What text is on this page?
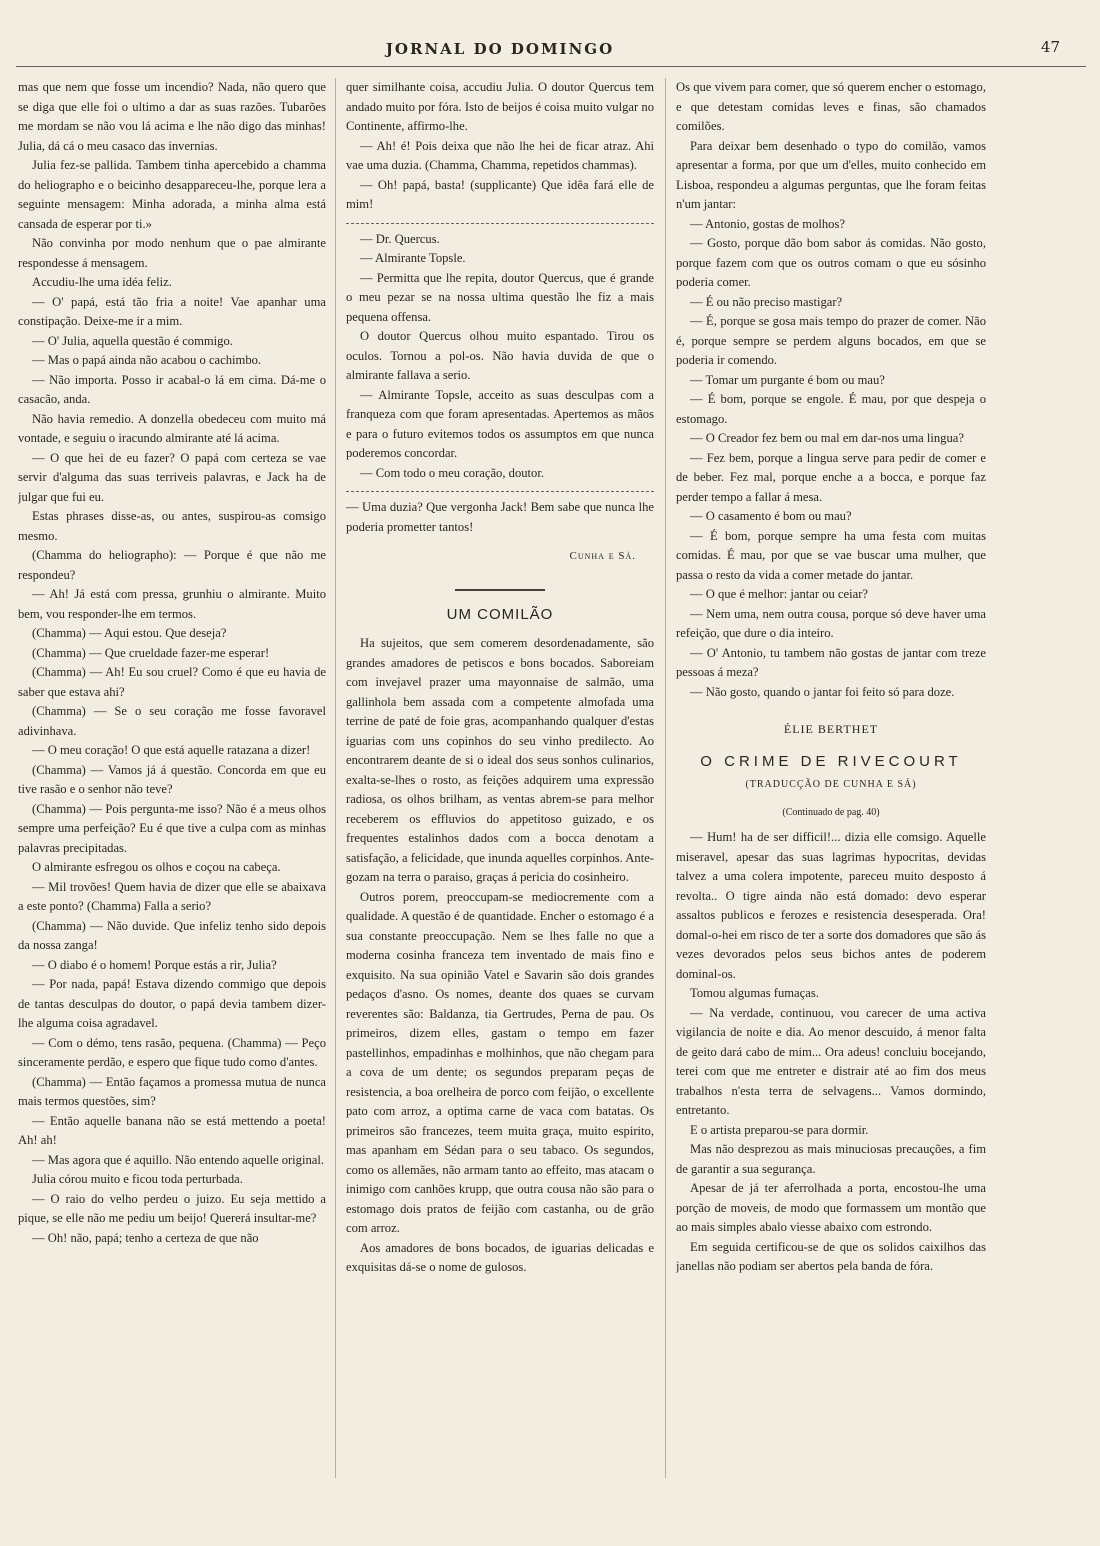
JORNAL DO DOMINGO	47

mas que nem que fosse um incendio? Nada, não quero que se diga que elle foi o ultimo a dar as suas razões. Tubarões me mordam se não vou lá acima e lhe não digo das minhas! Julia, dá cá o meu casaco das invernias.

Julia fez-se pallida. Tambem tinha apercebido a chamma do heliographo e o beicinho desappareceu-lhe, porque lera a seguinte mensagem: Minha adorada, a minha alma está cansada de esperar por ti.»

Não convinha por modo nenhum que o pae almirante respondesse á mensagem.

Accudiu-lhe uma idéa feliz.

— O' papá, está tão fria a noite! Vae apanhar uma constipação. Deixe-me ir a mim.

— O' Julia, aquella questão é commigo.

— Mas o papá ainda não acabou o cachimbo.

— Não importa. Posso ir acabal-o lá em cima. Dá-me o casacão, anda.

Não havia remedio. A donzella obedeceu com muito má vontade, e seguiu o iracundo almirante até lá acima.

— O que hei de eu fazer? O papá com certeza se vae servir d'alguma das suas terriveis palavras, e Jack ha de julgar que fui eu.

Estas phrases disse-as, ou antes, suspirou-as comsigo mesmo.

(Chamma do heliographo): — Porque é que não me respondeu?

— Ah! Já está com pressa, grunhiu o almirante. Muito bem, vou responder-lhe em termos.

(Chamma) — Aqui estou. Que deseja?

(Chamma) — Que crueldade fazer-me esperar!

(Chamma) — Ah! Eu sou cruel? Como é que eu havia de saber que estava ahi?

(Chamma) — Se o seu coração me fosse favoravel adivinhava.

— O meu coração! O que está aquelle ratazana a dizer!

(Chamma) — Vamos já á questão. Concorda em que eu tive rasão e o senhor não teve?

(Chamma) — Pois pergunta-me isso? Não é a meus olhos sempre uma perfeição? Eu é que tive a culpa com as minhas palavras precipitadas.

O almirante esfregou os olhos e coçou na cabeça.

— Mil trovões! Quem havia de dizer que elle se abaixava a este ponto? (Chamma) Falla a serio?

(Chamma) — Não duvide. Que infeliz tenho sido depois da nossa zanga!

— O diabo é o homem! Porque estás a rir, Julia?

— Por nada, papá! Estava dizendo commigo que depois de tantas desculpas do doutor, o papá devia tambem dizer-lhe alguma coisa agradavel.

— Com o démo, tens rasão, pequena. (Chamma) — Peço sinceramente perdão, e espero que fique tudo como d'antes.

(Chamma) — Então façamos a promessa mutua de nunca mais termos questões, sim?

— Então aquelle banana não se está mettendo a poeta! Ah! ah!

— Mas agora que é aquillo. Não entendo aquelle original.

Julia córou muito e ficou toda perturbada.

— O raio do velho perdeu o juizo. Eu seja mettido a pique, se elle não me pediu um beijo! Quererá insultar-me?

— Oh! não, papá; tenho a certeza de que não

quer similhante coisa, accudiu Julia. O doutor Quercus tem andado muito por fóra. Isto de beijos é coisa muito vulgar no Continente, affirmo-lhe.

— Ah! é! Pois deixa que não lhe hei de ficar atraz. Ahi vae uma duzia. (Chamma, Chamma, repetidos chammas).

— Oh! papá, basta! (supplicante) Que idêa fará elle de mim!

— Dr. Quercus.

— Almirante Topsle.

— Permitta que lhe repita, doutor Quercus, que é grande o meu pezar se na nossa ultima questão lhe fiz a mais pequena offensa.

O doutor Quercus olhou muito espantado. Tirou os oculos. Tornou a pol-os. Não havia duvida de que o almirante fallava a serio.

— Almirante Topsle, acceito as suas desculpas com a franqueza com que foram apresentadas. Apertemos as mãos e para o futuro evitemos todos os assumptos em que nunca poderemos concordar.

— Com todo o meu coração, doutor.

— Uma duzia? Que vergonha Jack! Bem sabe que nunca lhe poderia prometter tantos!

Cunha e Sá.
UM COMILÃO

Ha sujeitos, que sem comerem desordenadamente, são grandes amadores de petiscos e bons bocados. Saboreiam com invejavel prazer uma mayonnaise de salmão, uma gallinhola bem assada com a competente almofada uma terrine de paté de foie gras, acompanhando qualquer d'estas iguarias com uns copinhos do seu vinho predilecto. Ao encontrarem deante de si o ideal dos seus sonhos culinarios, exalta-se-lhes o rosto, as feições adquirem uma expressão radiosa, os olhos brilham, as ventas abrem-se para melhor receberem os effluvios do appetitoso guizado, e os frequentes estalinhos dados com a bocca denotam a satisfação, a felicidade, que inunda aquelles corpinhos. Ante-gozam na terra o paraiso, graças á pericia do cosinheiro.

Outros porem, preoccupam-se mediocremente com a qualidade. A questão é de quantidade. Encher o estomago é a sua constante preoccupação. Nem se lhes falle no que a moderna cosinha franceza tem inventado de mais fino e exquisito. Na sua opinião Vatel e Savarin são dois grandes pedaços d'asno. Os nomes, deante dos quaes se curvam reverentes são: Baldanza, tia Gertrudes, Perna de pau. Os primeiros, dizem elles, gastam o tempo em fazer pastellinhos, empadinhas e molhinhos, que não chegam para a cova de um dente; os segundos preparam peças de resistencia, a boa orelheira de porco com feijão, o excellente pato com arroz, a optima carne de vaca com batatas. Os primeiros são francezes, teem muita graça, muito espirito, mas apanham em Sédan para o seu tabaco. Os segundos, como os allemães, não armam tanto ao effeito, mas atacam o inimigo com canhões krupp, que outra cousa não são para o estomago dois pratos de feijão com castanha, ou de grão com arroz.

Aos amadores de bons bocados, de iguarias delicadas e exquisitas dá-se o nome de gulosos.

Os que vivem para comer, que só querem encher o estomago, e que detestam comidas leves e finas, são chamados comilões.

Para deixar bem desenhado o typo do comilão, vamos apresentar a forma, por que um d'elles, muito conhecido em Lisboa, respondeu a algumas perguntas, que lhe foram feitas n'um jantar:

— Antonio, gostas de molhos?

— Gosto, porque dão bom sabor ás comidas. Não gosto, porque fazem com que os outros comam o que eu sósinho poderia comer.

— É ou não preciso mastigar?

— É, porque se gosa mais tempo do prazer de comer. Não é, porque sempre se perdem alguns bocados, em que se poderia ir comendo.

— Tomar um purgante é bom ou mau?

— É bom, porque se engole. É mau, por que despeja o estomago.

— O Creador fez bem ou mal em dar-nos uma lingua?

— Fez bem, porque a lingua serve para pedir de comer e de beber. Fez mal, porque enche a a bocca, e porque faz perder tempo a fallar á mesa.

— O casamento é bom ou mau?

— É bom, porque sempre ha uma festa com muitas comidas. É mau, por que se vae buscar uma mulher, que passa o resto da vida a comer metade do jantar.

— O que é melhor: jantar ou ceiar?

— Nem uma, nem outra cousa, porque só deve haver uma refeição, que dure o dia inteiro.

— O' Antonio, tu tambem não gostas de jantar com treze pessoas á meza?

— Não gosto, quando o jantar foi feito só para doze.

ÉLIE BERTHET
O CRIME DE RIVECOURT
(TRADUCÇÃO DE CUNHA E SÁ)
(Continuado de pag. 40)

— Hum! ha de ser difficil!... dizia elle comsigo. Aquelle miseravel, apesar das suas lagrimas hypocritas, devidas talvez a uma colera impotente, pareceu muito desposto á revolta.. O tigre ainda não está domado: devo esperar assaltos publicos e ferozes e resistencia desesperada. Ora! domal-o-hei em risco de ter a sorte dos domadores que são ás vezes devorados pelos seus bichos antes de poderem dominal-os.

Tomou algumas fumaças.

— Na verdade, continuou, vou carecer de uma activa vigilancia de noite e dia. Ao menor descuido, á menor falta de geito dará cabo de mim... Ora adeus! concluiu bocejando, terei com que me entreter e distrair até ao fim dos meus trabalhos n'esta terra de selvagens... Vamos dormindo, entretanto.

E o artista preparou-se para dormir.

Mas não desprezou as mais minuciosas precauções, a fim de garantir a sua segurança.

Apesar de já ter aferrolhada a porta, encostou-lhe uma porção de moveis, de modo que formassem um montão que ao mais simples abalo viesse abaixo com estrondo.

Em seguida certificou-se de que os solidos caixilhos das janellas não podiam ser abertos pela banda de fóra.
